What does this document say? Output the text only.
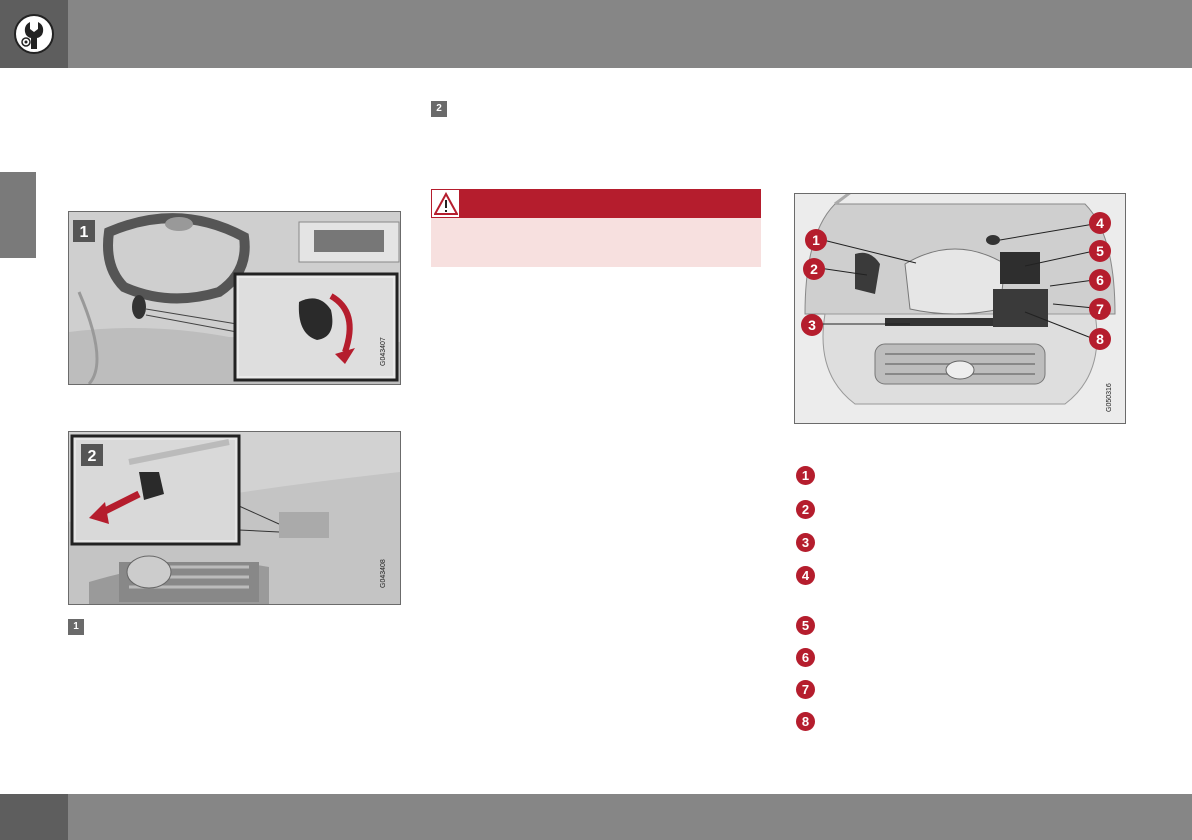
1
G043407
2
G043408
1
2
1
2
3
4
5
6
7
8
G050316
1
2
3
4
5
6
7
8
